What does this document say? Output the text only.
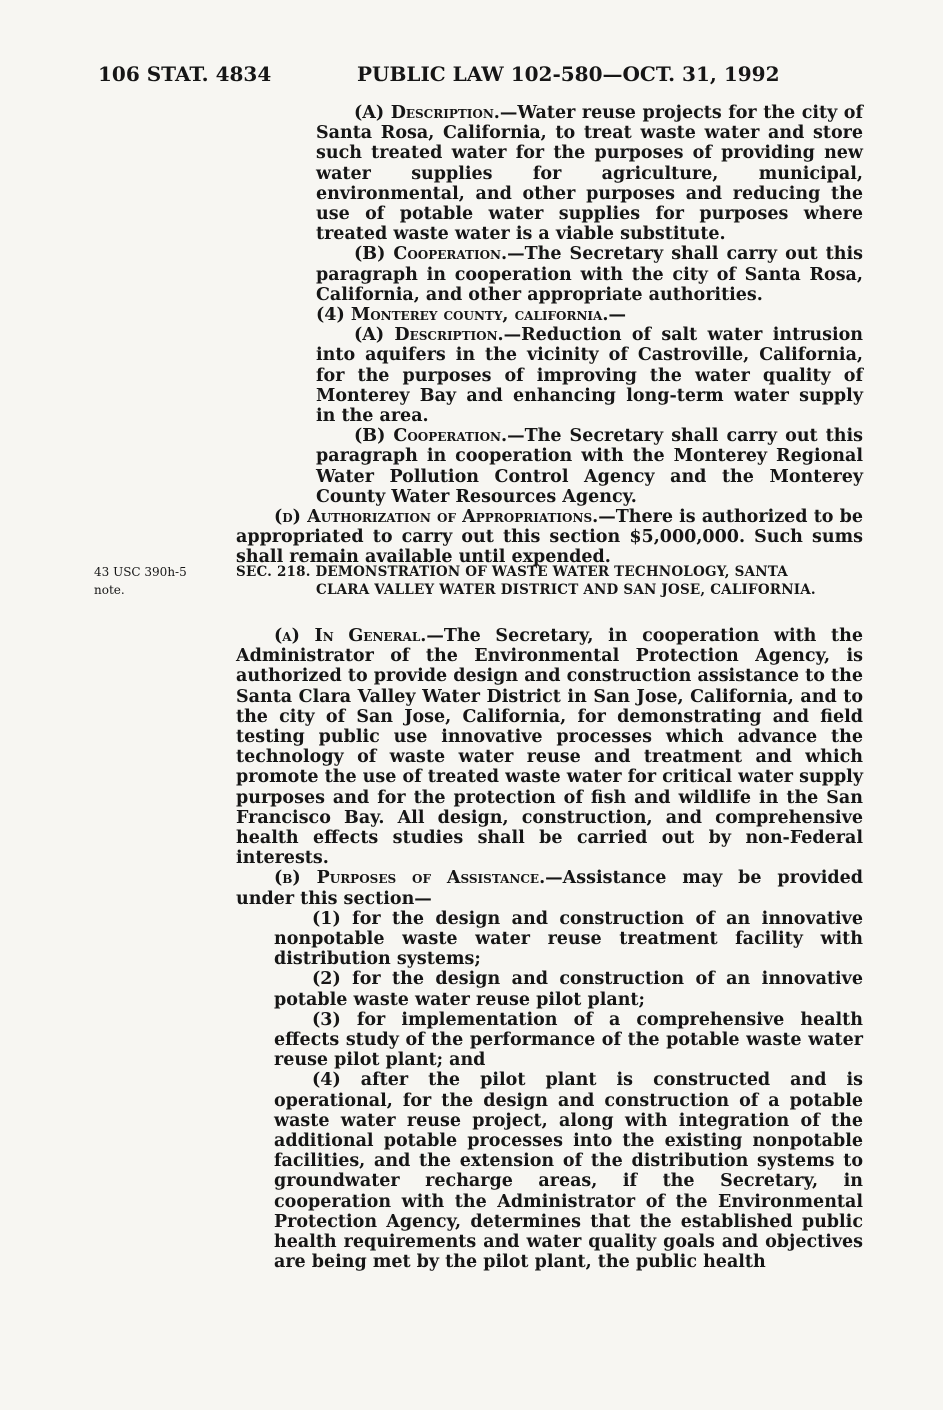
106 STAT. 4834	PUBLIC LAW 102-580—OCT. 31, 1992

(A) Description.—Water reuse projects for the city of Santa Rosa, California, to treat waste water and store such treated water for the purposes of providing new water supplies for agriculture, municipal, environmental, and other purposes and reducing the use of potable water supplies for purposes where treated waste water is a viable substitute.

(B) Cooperation.—The Secretary shall carry out this paragraph in cooperation with the city of Santa Rosa, California, and other appropriate authorities.

(4) Monterey county, california.—

(A) Description.—Reduction of salt water intrusion into aquifers in the vicinity of Castroville, California, for the purposes of improving the water quality of Monterey Bay and enhancing long-term water supply in the area.

(B) Cooperation.—The Secretary shall carry out this paragraph in cooperation with the Monterey Regional Water Pollution Control Agency and the Monterey County Water Resources Agency.

(d) Authorization of Appropriations.—There is authorized to be appropriated to carry out this section $5,000,000. Such sums shall remain available until expended.

43 USC 390h-5
note.
SEC. 218. DEMONSTRATION OF WASTE WATER TECHNOLOGY, SANTA
CLARA VALLEY WATER DISTRICT AND SAN JOSE, CALIFORNIA.

(a) In General.—The Secretary, in cooperation with the Administrator of the Environmental Protection Agency, is authorized to provide design and construction assistance to the Santa Clara Valley Water District in San Jose, California, and to the city of San Jose, California, for demonstrating and field testing public use innovative processes which advance the technology of waste water reuse and treatment and which promote the use of treated waste water for critical water supply purposes and for the protection of fish and wildlife in the San Francisco Bay. All design, construction, and comprehensive health effects studies shall be carried out by non-Federal interests.

(b) Purposes of Assistance.—Assistance may be provided under this section—

(1) for the design and construction of an innovative nonpotable waste water reuse treatment facility with distribution systems;

(2) for the design and construction of an innovative potable waste water reuse pilot plant;

(3) for implementation of a comprehensive health effects study of the performance of the potable waste water reuse pilot plant; and

(4) after the pilot plant is constructed and is operational, for the design and construction of a potable waste water reuse project, along with integration of the additional potable processes into the existing nonpotable facilities, and the extension of the distribution systems to groundwater recharge areas, if the Secretary, in cooperation with the Administrator of the Environmental Protection Agency, determines that the established public health requirements and water quality goals and objectives are being met by the pilot plant, the public health
